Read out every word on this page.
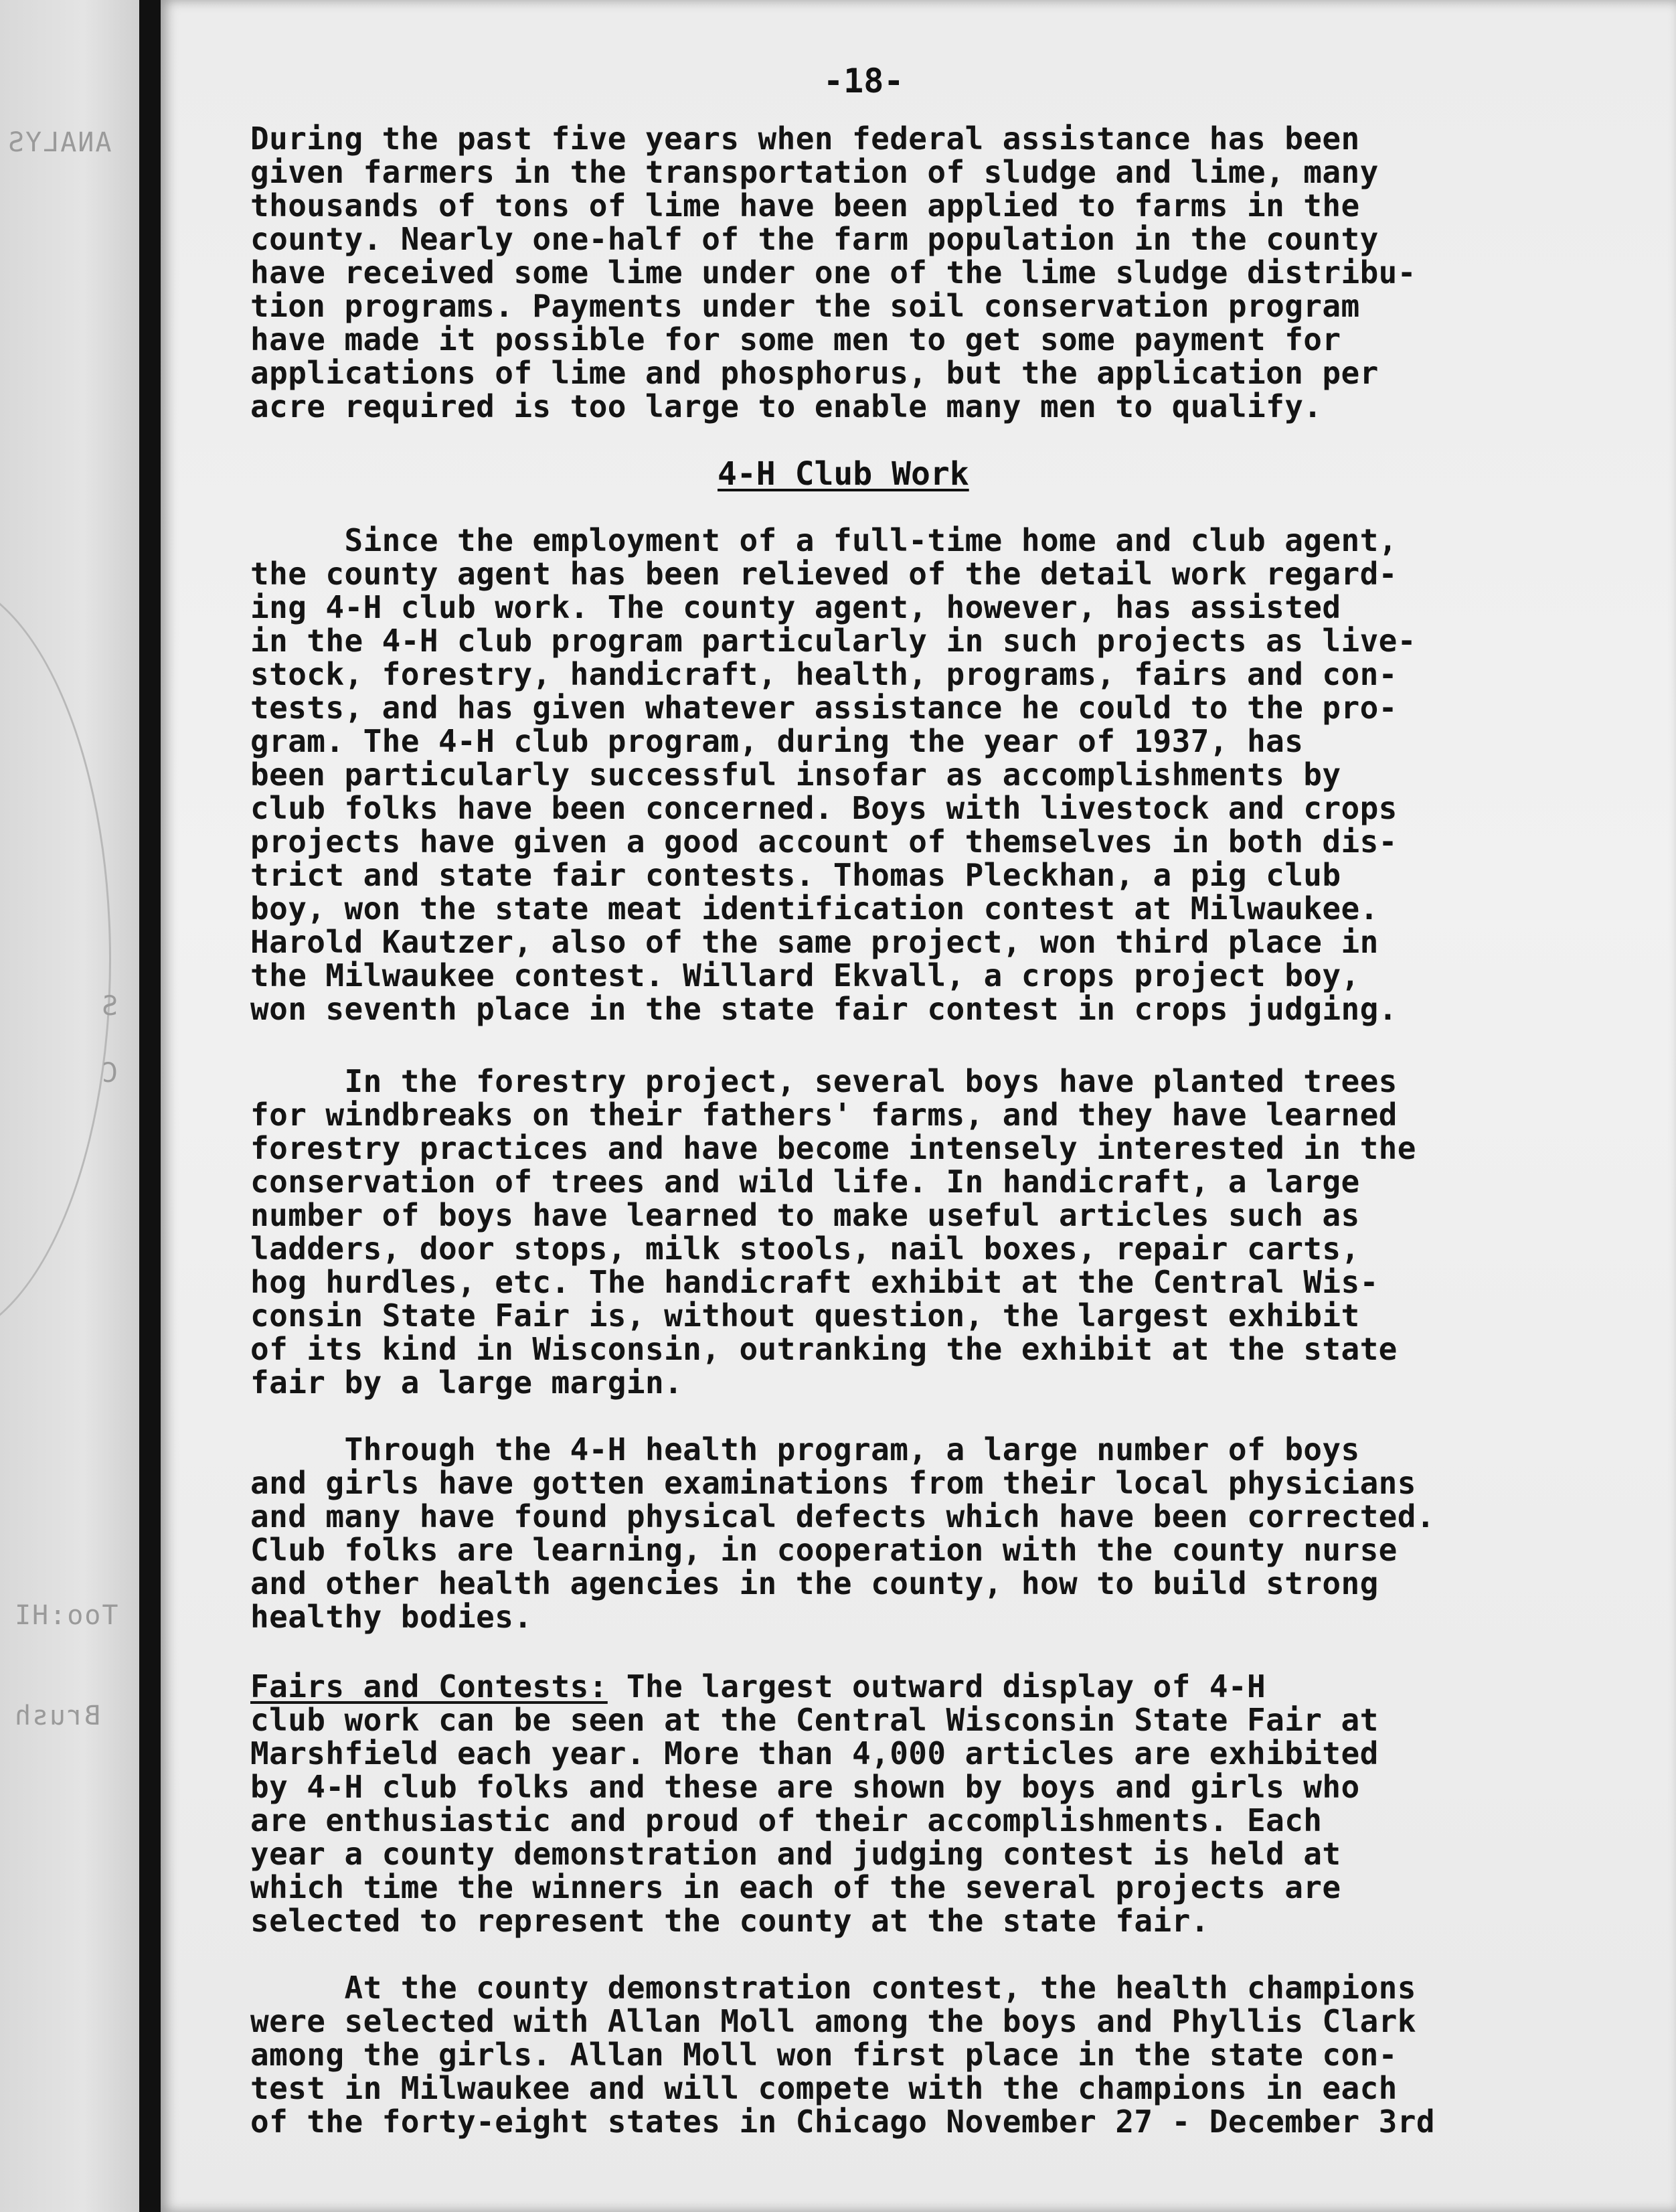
ANALYS
S
C
Too:HI
Brush
-18-

During the past five years when federal assistance has been
given farmers in the transportation of sludge and lime, many
thousands of tons of lime have been applied to farms in the
county. Nearly one-half of the farm population in the county
have received some lime under one of the lime sludge distribu-
tion programs. Payments under the soil conservation program
have made it possible for some men to get some payment for
applications of lime and phosphorus, but the application per
acre required is too large to enable many men to qualify.

4-H Club Work

Since the employment of a full-time home and club agent,
the county agent has been relieved of the detail work regard-
ing 4-H club work. The county agent, however, has assisted
in the 4-H club program particularly in such projects as live-
stock, forestry, handicraft, health, programs, fairs and con-
tests, and has given whatever assistance he could to the pro-
gram. The 4-H club program, during the year of 1937, has
been particularly successful insofar as accomplishments by
club folks have been concerned. Boys with livestock and crops
projects have given a good account of themselves in both dis-
trict and state fair contests. Thomas Pleckhan, a pig club
boy, won the state meat identification contest at Milwaukee.
Harold Kautzer, also of the same project, won third place in
the Milwaukee contest. Willard Ekvall, a crops project boy,
won seventh place in the state fair contest in crops judging.

In the forestry project, several boys have planted trees
for windbreaks on their fathers' farms, and they have learned
forestry practices and have become intensely interested in the
conservation of trees and wild life. In handicraft, a large
number of boys have learned to make useful articles such as
ladders, door stops, milk stools, nail boxes, repair carts,
hog hurdles, etc. The handicraft exhibit at the Central Wis-
consin State Fair is, without question, the largest exhibit
of its kind in Wisconsin, outranking the exhibit at the state
fair by a large margin.

Through the 4-H health program, a large number of boys
and girls have gotten examinations from their local physicians
and many have found physical defects which have been corrected.
Club folks are learning, in cooperation with the county nurse
and other health agencies in the county, how to build strong
healthy bodies.

Fairs and Contests: The largest outward display of 4-H
club work can be seen at the Central Wisconsin State Fair at
Marshfield each year. More than 4,000 articles are exhibited
by 4-H club folks and these are shown by boys and girls who
are enthusiastic and proud of their accomplishments. Each
year a county demonstration and judging contest is held at
which time the winners in each of the several projects are
selected to represent the county at the state fair.

At the county demonstration contest, the health champions
were selected with Allan Moll among the boys and Phyllis Clark
among the girls. Allan Moll won first place in the state con-
test in Milwaukee and will compete with the champions in each
of the forty-eight states in Chicago November 27 - December 3rd
